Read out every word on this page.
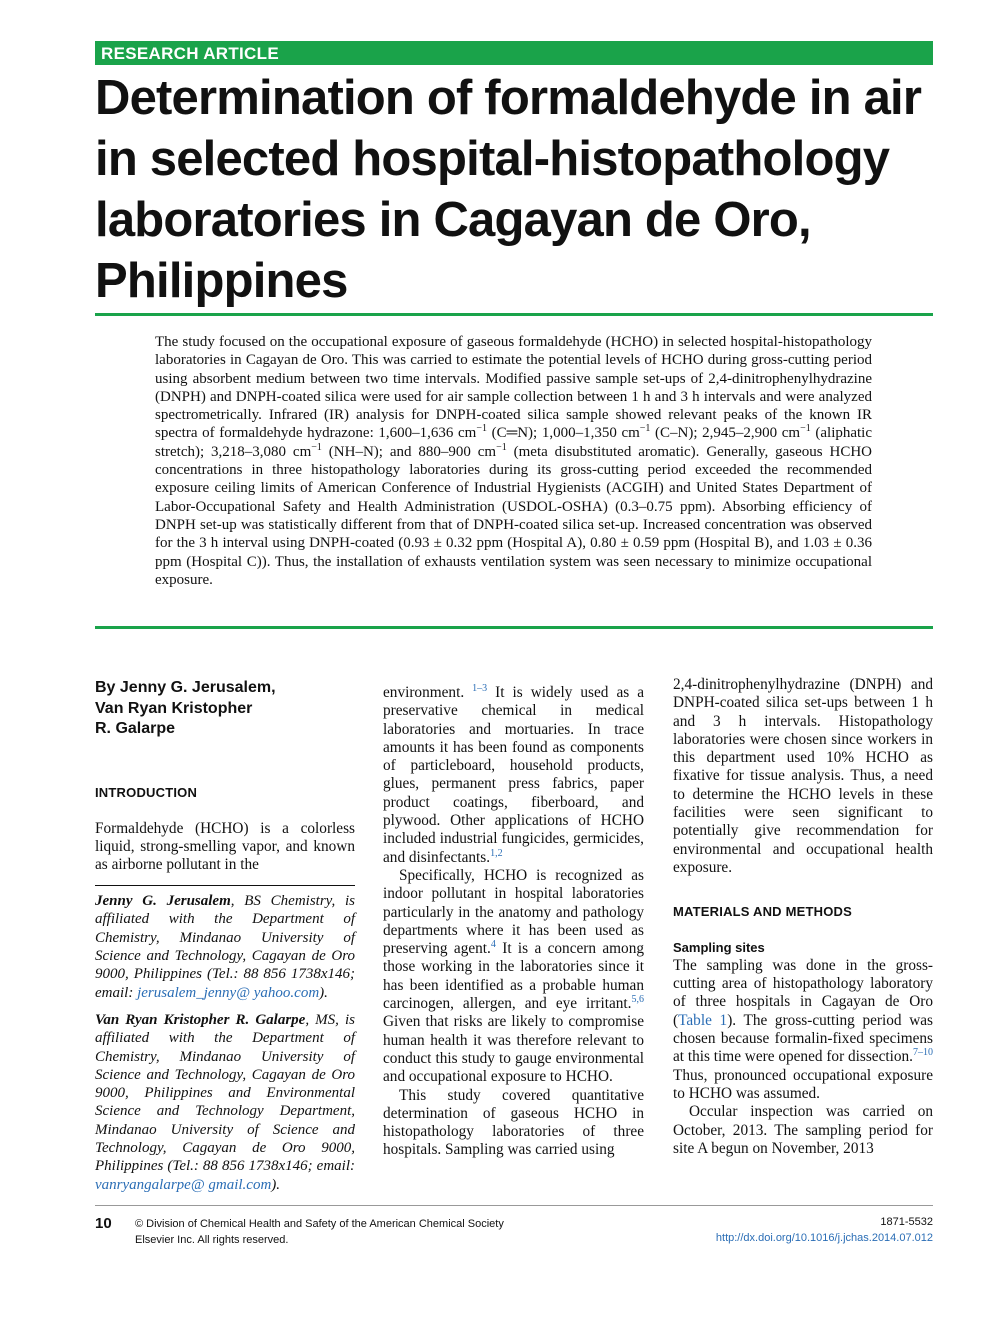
RESEARCH ARTICLE
Determination of formaldehyde in air in selected hospital-histopathology laboratories in Cagayan de Oro, Philippines

The study focused on the occupational exposure of gaseous formaldehyde (HCHO) in selected hospital-histopathology laboratories in Cagayan de Oro. This was carried to estimate the potential levels of HCHO during gross-cutting period using absorbent medium between two time intervals. Modified passive sample set-ups of 2,4-dinitrophenylhydrazine (DNPH) and DNPH-coated silica were used for air sample collection between 1 h and 3 h intervals and were analyzed spectrometrically. Infrared (IR) analysis for DNPH-coated silica sample showed relevant peaks of the known IR spectra of formaldehyde hydrazone: 1,600–1,636 $cm^{-1}$ (C═N); 1,000–1,350 $cm^{-1}$ (C–N); 2,945–2,900 $cm^{-1}$ (aliphatic stretch); 3,218–3,080 $cm^{-1}$ (NH–N); and 880–900 $cm^{-1}$ (meta disubstituted aromatic). Generally, gaseous HCHO concentrations in three histopathology laboratories during its gross-cutting period exceeded the recommended exposure ceiling limits of American Conference of Industrial Hygienists (ACGIH) and United States Department of Labor-Occupational Safety and Health Administration (USDOL-OSHA) (0.3–0.75 ppm). Absorbing efficiency of DNPH set-up was statistically different from that of DNPH-coated silica set-up. Increased concentration was observed for the 3 h interval using DNPH-coated (0.93 ± 0.32 ppm (Hospital A), 0.80 ± 0.59 ppm (Hospital B), and 1.03 ± 0.36 ppm (Hospital C)). Thus, the installation of exhausts ventilation system was seen necessary to minimize occupational exposure.

By Jenny G. Jerusalem,
Van Ryan Kristopher
R. Galarpe

INTRODUCTION

Formaldehyde (HCHO) is a colorless liquid, strong-smelling vapor, and known as airborne pollutant in the

Jenny G. Jerusalem, BS Chemistry, is affiliated with the Department of Chemistry, Mindanao University of Science and Technology, Cagayan de Oro 9000, Philippines (Tel.: 88 856 1738x146; email: jerusalem_jenny@ yahoo.com).

Van Ryan Kristopher R. Galarpe, MS, is affiliated with the Department of Chemistry, Mindanao University of Science and Technology, Cagayan de Oro 9000, Philippines and Environmental Science and Technology Department, Mindanao University of Science and Technology, Cagayan de Oro 9000, Philippines (Tel.: 88 856 1738x146; email: vanryangalarpe@ gmail.com).

environment. $^{1-3}$ It is widely used as a preservative chemical in medical laboratories and mortuaries. In trace amounts it has been found as components of particleboard, household products, glues, permanent press fabrics, paper product coatings, fiberboard, and plywood. Other applications of HCHO included industrial fungicides, germicides, and disinfectants.$^{1,2}$

Specifically, HCHO is recognized as indoor pollutant in hospital laboratories particularly in the anatomy and pathology departments where it has been used as preserving agent.$^4$ It is a concern among those working in the laboratories since it has been identified as a probable human carcinogen, allergen, and eye irritant.$^{5,6}$ Given that risks are likely to compromise human health it was therefore relevant to conduct this study to gauge environmental and occupational exposure to HCHO.

This study covered quantitative determination of gaseous HCHO in histopathology laboratories of three hospitals. Sampling was carried using

2,4-dinitrophenylhydrazine (DNPH) and DNPH-coated silica set-ups between 1 h and 3 h intervals. Histopathology laboratories were chosen since workers in this department used 10% HCHO as fixative for tissue analysis. Thus, a need to determine the HCHO levels in these facilities were seen significant to potentially give recommendation for environmental and occupational health exposure.

MATERIALS AND METHODS

Sampling sites

The sampling was done in the gross-cutting area of histopathology laboratory of three hospitals in Cagayan de Oro (Table 1). The gross-cutting period was chosen because formalin-fixed specimens at this time were opened for dissection.$^{7-10}$ Thus, pronounced occupational exposure to HCHO was assumed.

Occular inspection was carried on October, 2013. The sampling period for site A begun on November, 2013

10 © Division of Chemical Health and Safety of the American Chemical Society
Elsevier Inc. All rights reserved.
1871-5532
http://dx.doi.org/10.1016/j.jchas.2014.07.012
